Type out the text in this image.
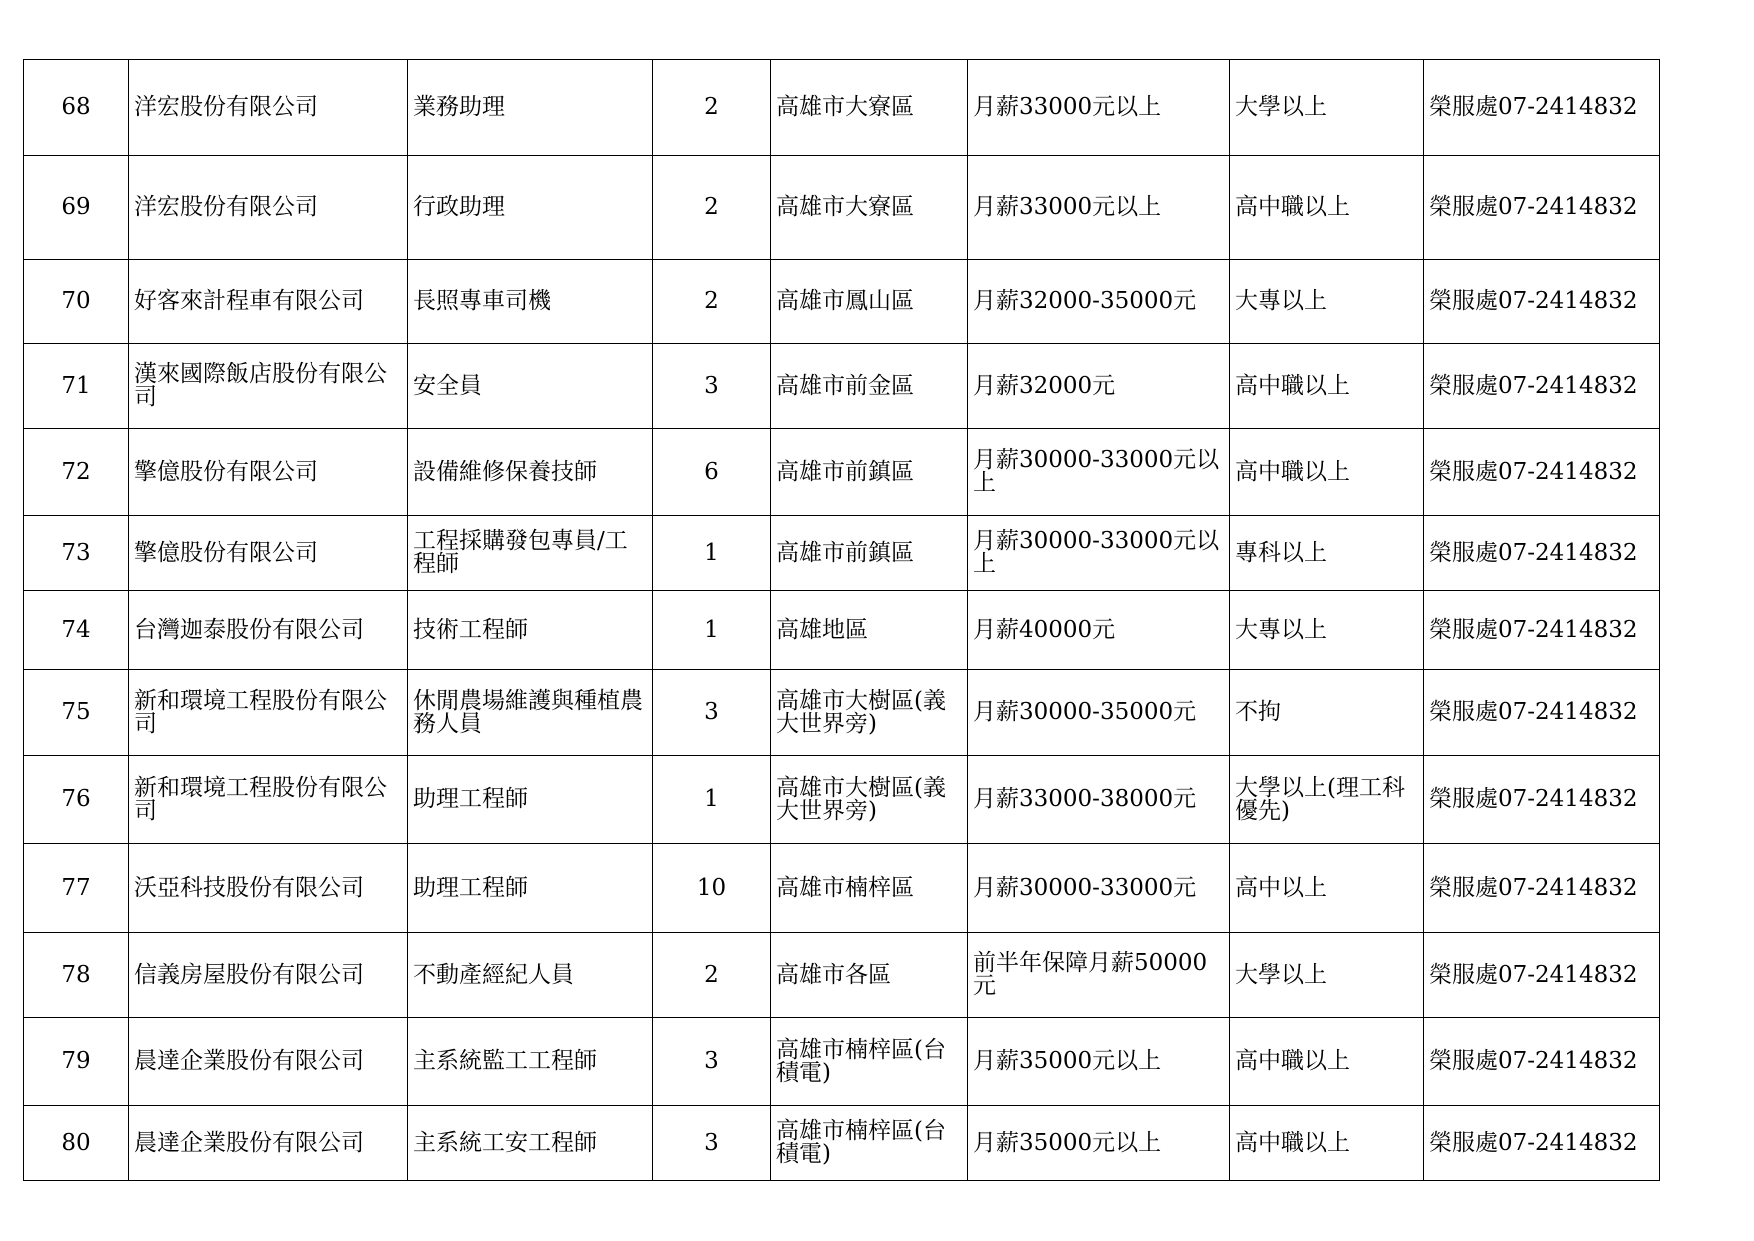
68	洋宏股份有限公司	業務助理	2	高雄市大寮區	月薪33000元以上	大學以上	榮服處07-2414832
69	洋宏股份有限公司	行政助理	2	高雄市大寮區	月薪33000元以上	高中職以上	榮服處07-2414832
70	好客來計程車有限公司	長照專車司機	2	高雄市鳳山區	月薪32000-35000元	大專以上	榮服處07-2414832
71	漢來國際飯店股份有限公司	安全員	3	高雄市前金區	月薪32000元	高中職以上	榮服處07-2414832
72	擎億股份有限公司	設備維修保養技師	6	高雄市前鎮區	月薪30000-33000元以上	高中職以上	榮服處07-2414832
73	擎億股份有限公司	工程採購發包專員/工程師	1	高雄市前鎮區	月薪30000-33000元以上	專科以上	榮服處07-2414832
74	台灣迦泰股份有限公司	技術工程師	1	高雄地區	月薪40000元	大專以上	榮服處07-2414832
75	新和環境工程股份有限公司	休閒農場維護與種植農務人員	3	高雄市大樹區(義大世界旁)	月薪30000-35000元	不拘	榮服處07-2414832
76	新和環境工程股份有限公司	助理工程師	1	高雄市大樹區(義大世界旁)	月薪33000-38000元	大學以上(理工科優先)	榮服處07-2414832
77	沃亞科技股份有限公司	助理工程師	10	高雄市楠梓區	月薪30000-33000元	高中以上	榮服處07-2414832
78	信義房屋股份有限公司	不動產經紀人員	2	高雄市各區	前半年保障月薪50000元	大學以上	榮服處07-2414832
79	晨達企業股份有限公司	主系統監工工程師	3	高雄市楠梓區(台積電)	月薪35000元以上	高中職以上	榮服處07-2414832
80	晨達企業股份有限公司	主系統工安工程師	3	高雄市楠梓區(台積電)	月薪35000元以上	高中職以上	榮服處07-2414832
